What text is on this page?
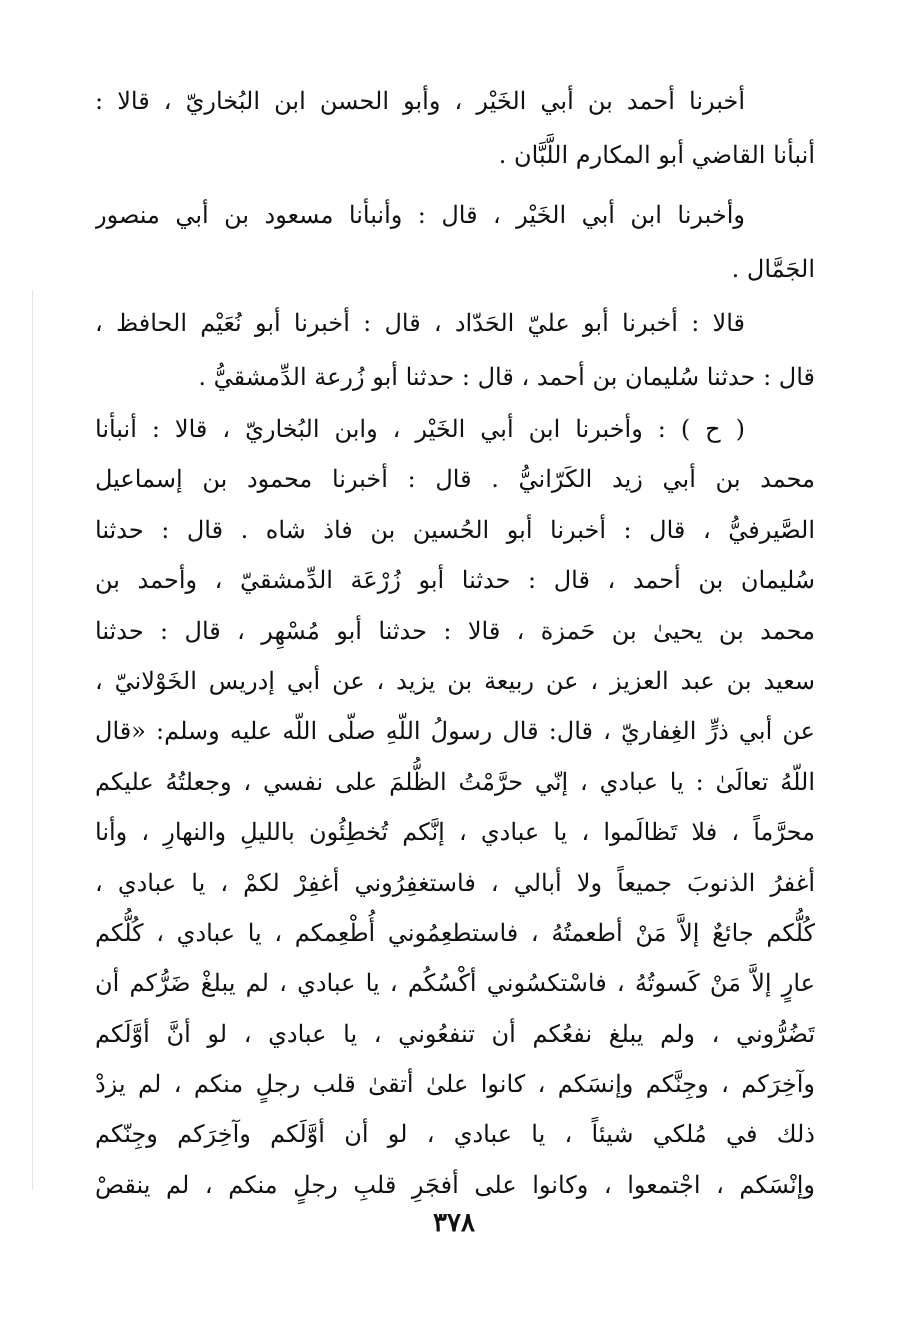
أخبرنا أحمد بن أبي الخَيْر ، وأبو الحسن ابن البُخاريّ ، قالا :
أنبأنا القاضي أبو المكارم اللَّبَّان .
وأخبرنا ابن أبي الخَيْر ، قال : وأنبأنا مسعود بن أبي منصور
الجَمَّال .
قالا : أخبرنا أبو عليّ الحَدّاد ، قال : أخبرنا أبو نُعَيْم الحافظ ،
قال : حدثنا سُليمان بن أحمد ، قال : حدثنا أبو زُرعة الدِّمشقيُّ .
( ح ) : وأخبرنا ابن أبي الخَيْر ، وابن البُخاريّ ، قالا : أنبأنا
محمد بن أبي زيد الكَرّانيُّ . قال : أخبرنا محمود بن إسماعيل
الصَّيرفيُّ ، قال : أخبرنا أبو الحُسين بن فاذ شاه . قال : حدثنا
سُليمان بن أحمد ، قال : حدثنا أبو زُرْعَة الدِّمشقيّ ، وأحمد بن
محمد بن يحيىٰ بن حَمزة ، قالا : حدثنا أبو مُسْهِر ، قال : حدثنا
سعيد بن عبد العزيز ، عن ربيعة بن يزيد ، عن أبي إدريس الخَوْلانيّ ،
عن أبي ذرٍّ الغِفاريّ ، قال: قال رسولُ اللّهِ صلّى اللّه عليه وسلم: «قال
اللّهُ تعالَىٰ : يا عبادي ، إنّي حرَّمْتُ الظُّلمَ على نفسي ، وجعلتُهُ عليكم
محرَّماً ، فلا تَظالَموا ، يا عبادي ، إنَّكم تُخطِئُون بالليلِ والنهارِ ، وأنا
أغفرُ الذنوبَ جميعاً ولا أبالي ، فاستغفِرُوني أغفِرْ لكمْ ، يا عبادي ،
كُلُّكم جائعٌ إلاَّ مَنْ أطعمتُهُ ، فاستطعِمُوني أُطْعِمكم ، يا عبادي ، كُلُّكم
عارٍ إلاَّ مَنْ كَسوتُهُ ، فاسْتكسُوني أكْسُكُم ، يا عبادي ، لم يبلغْ ضَرُّكم أن
تَضُرُّوني ، ولم يبلغ نفعُكم أن تنفعُوني ، يا عبادي ، لو أنَّ أوَّلَكم
وآخِرَكم ، وجِنَّكم وإنسَكم ، كانوا علىٰ أتقىٰ قلب رجلٍ منكم ، لم يزدْ
ذلك في مُلكي شيئاً ، يا عبادي ، لو أن أوَّلَكم وآخِرَكم وجِنّكم
وإنْسَكم ، اجْتمعوا ، وكانوا على أفجَرِ قلبِ رجلٍ منكم ، لم ينقصْ
٣٧٨
